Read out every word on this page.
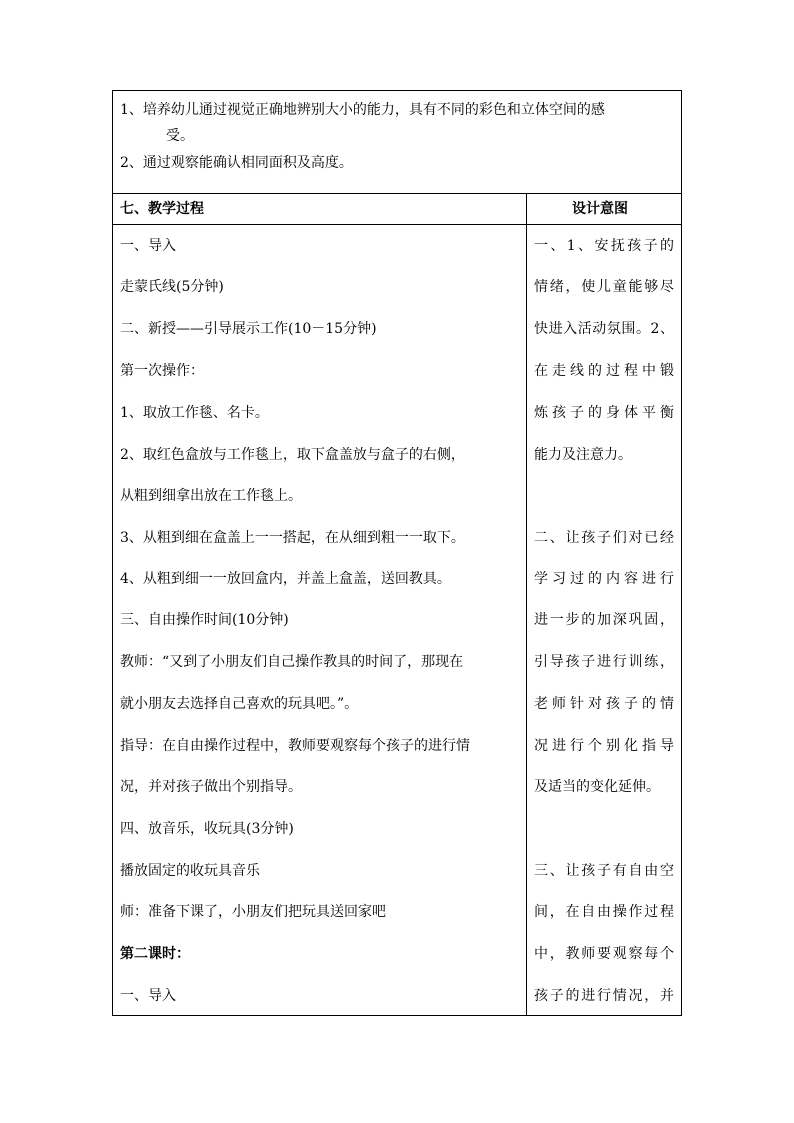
1、培养幼儿通过视觉正确地辨别大小的能力，具有不同的彩色和立体空间的感
受。
2、通过观察能确认相同面积及高度。
七、教学过程	设计意图
一、导入
走蒙氏线(5分钟)
二、新授——引导展示工作(10－15分钟)
第一次操作：
1、取放工作毯、名卡。
2、取红色盒放与工作毯上，取下盒盖放与盒子的右侧，
从粗到细拿出放在工作毯上。
3、从粗到细在盒盖上一一搭起，在从细到粗一一取下。
4、从粗到细一一放回盒内，并盖上盒盖，送回教具。
三、自由操作时间(10分钟)
教师：“又到了小朋友们自己操作教具的时间了，那现在
就小朋友去选择自己喜欢的玩具吧。”。
指导：在自由操作过程中，教师要观察每个孩子的进行情
况，并对孩子做出个别指导。
四、放音乐，收玩具(3分钟)
播放固定的收玩具音乐
师：准备下课了，小朋友们把玩具送回家吧
第二课时：
一、导入
一、1、安抚孩子的
情绪，使儿童能够尽
快进入活动氛围。2、
在走线的过程中锻
炼孩子的身体平衡
能力及注意力。
二、让孩子们对已经
学习过的内容进行
进一步的加深巩固，
引导孩子进行训练，
老师针对孩子的情
况进行个别化指导
及适当的变化延伸。
三、让孩子有自由空
间，在自由操作过程
中，教师要观察每个
孩子的进行情况，并
